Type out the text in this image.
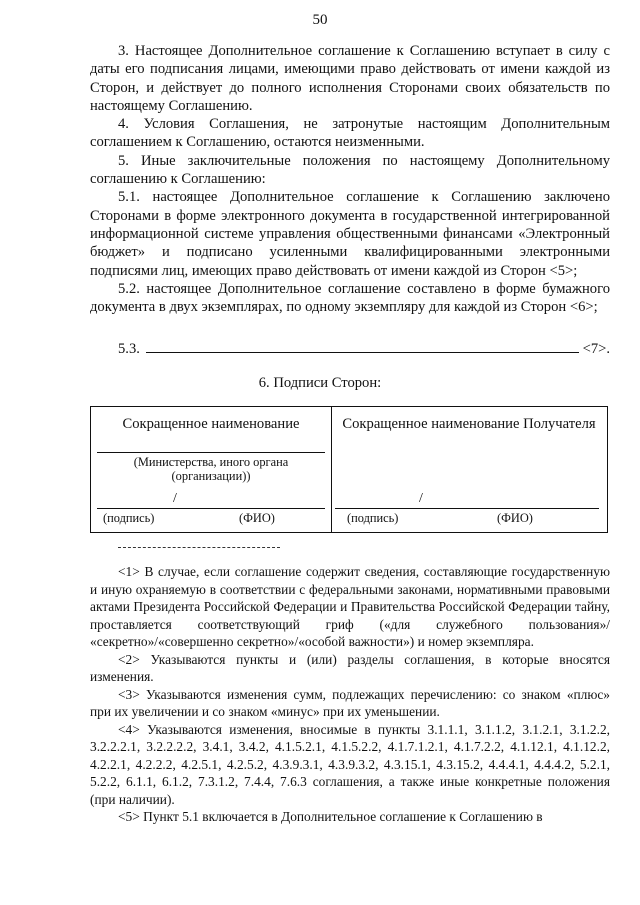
50

3. Настоящее Дополнительное соглашение к Соглашению вступает в силу с даты его подписания лицами, имеющими право действовать от имени каждой из Сторон, и действует до полного исполнения Сторонами своих обязательств по настоящему Соглашению.

4. Условия Соглашения, не затронутые настоящим Дополнительным соглашением к Соглашению, остаются неизменными.

5. Иные заключительные положения по настоящему Дополнительному соглашению к Соглашению:

5.1. настоящее Дополнительное соглашение к Соглашению заключено Сторонами в форме электронного документа в государственной интегрированной информационной системе управления общественными финансами «Электронный бюджет» и подписано усиленными квалифицированными электронными подписями лиц, имеющих право действовать от имени каждой из Сторон <5>;

5.2. настоящее Дополнительное соглашение составлено в форме бумажного документа в двух экземплярах, по одному экземпляру для каждой из Сторон <6>;

5.3.	<7>.
6. Подписи Сторон:
Сокращенное наименование
(Министерства, иного органа (организации))
/
(подпись)	(ФИО)
Сокращенное наименование Получателя
/
(подпись)	(ФИО)

<1> В случае, если соглашение содержит сведения, составляющие государственную и иную охраняемую в соответствии с федеральными законами, нормативными правовыми актами Президента Российской Федерации и Правительства Российской Федерации тайну, проставляется соответствующий гриф («для служебного пользования»/ «секретно»/«совершенно секретно»/«особой важности») и номер экземпляра.

<2> Указываются пункты и (или) разделы соглашения, в которые вносятся изменения.

<3> Указываются изменения сумм, подлежащих перечислению: со знаком «плюс» при их увеличении и со знаком «минус» при их уменьшении.

<4> Указываются изменения, вносимые в пункты 3.1.1.1, 3.1.1.2, 3.1.2.1, 3.1.2.2, 3.2.2.2.1, 3.2.2.2.2, 3.4.1, 3.4.2, 4.1.5.2.1, 4.1.5.2.2, 4.1.7.1.2.1, 4.1.7.2.2, 4.1.12.1, 4.1.12.2, 4.2.2.1, 4.2.2.2, 4.2.5.1, 4.2.5.2, 4.3.9.3.1, 4.3.9.3.2, 4.3.15.1, 4.3.15.2, 4.4.4.1, 4.4.4.2, 5.2.1, 5.2.2, 6.1.1, 6.1.2, 7.3.1.2, 7.4.4, 7.6.3 соглашения, а также иные конкретные положения (при наличии).

<5> Пункт 5.1 включается в Дополнительное соглашение к Соглашению в
